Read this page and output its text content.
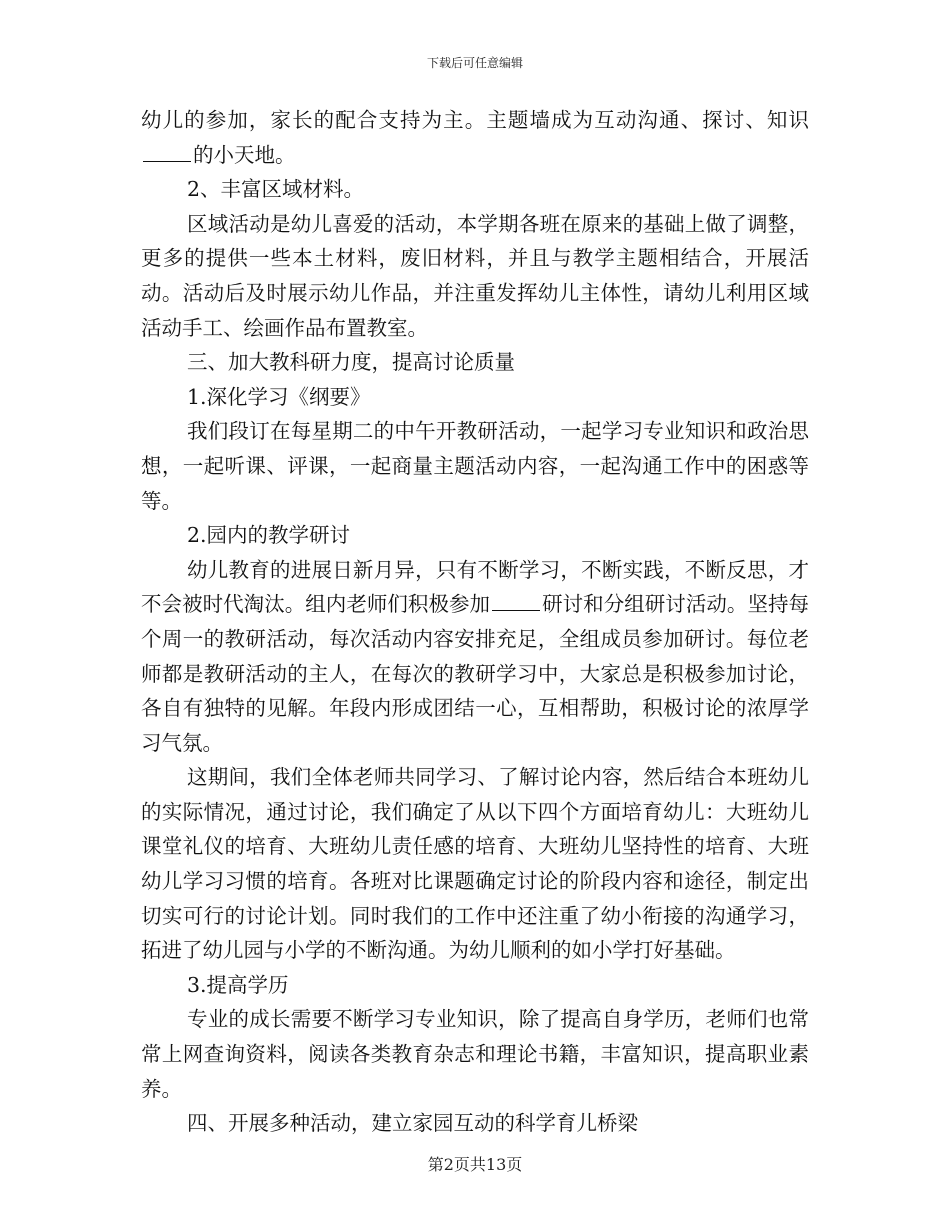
下载后可任意编辑

幼儿的参加，家长的配合支持为主。主题墙成为互动沟通、探讨、知识的小天地。

2、丰富区域材料。

区域活动是幼儿喜爱的活动，本学期各班在原来的基础上做了调整，更多的提供一些本土材料，废旧材料，并且与教学主题相结合，开展活动。活动后及时展示幼儿作品，并注重发挥幼儿主体性，请幼儿利用区域活动手工、绘画作品布置教室。

三、加大教科研力度，提高讨论质量

1.深化学习《纲要》

我们段订在每星期二的中午开教研活动，一起学习专业知识和政治思想，一起听课、评课，一起商量主题活动内容，一起沟通工作中的困惑等等。

2.园内的教学研讨

幼儿教育的进展日新月异，只有不断学习，不断实践，不断反思，才不会被时代淘汰。组内老师们积极参加	研讨和分组研讨活动。坚持每个周一的教研活动，每次活动内容安排充足，全组成员参加研讨。每位老师都是教研活动的主人，在每次的教研学习中，大家总是积极参加讨论，各自有独特的见解。年段内形成团结一心，互相帮助，积极讨论的浓厚学习气氛。

这期间，我们全体老师共同学习、了解讨论内容，然后结合本班幼儿的实际情况，通过讨论，我们确定了从以下四个方面培育幼儿：大班幼儿课堂礼仪的培育、大班幼儿责任感的培育、大班幼儿坚持性的培育、大班幼儿学习习惯的培育。各班对比课题确定讨论的阶段内容和途径，制定出切实可行的讨论计划。同时我们的工作中还注重了幼小衔接的沟通学习，拓进了幼儿园与小学的不断沟通。为幼儿顺利的如小学打好基础。

3.提高学历

专业的成长需要不断学习专业知识，除了提高自身学历，老师们也常常上网查询资料，阅读各类教育杂志和理论书籍，丰富知识，提高职业素养。

四、开展多种活动，建立家园互动的科学育儿桥梁

第2页共13页
